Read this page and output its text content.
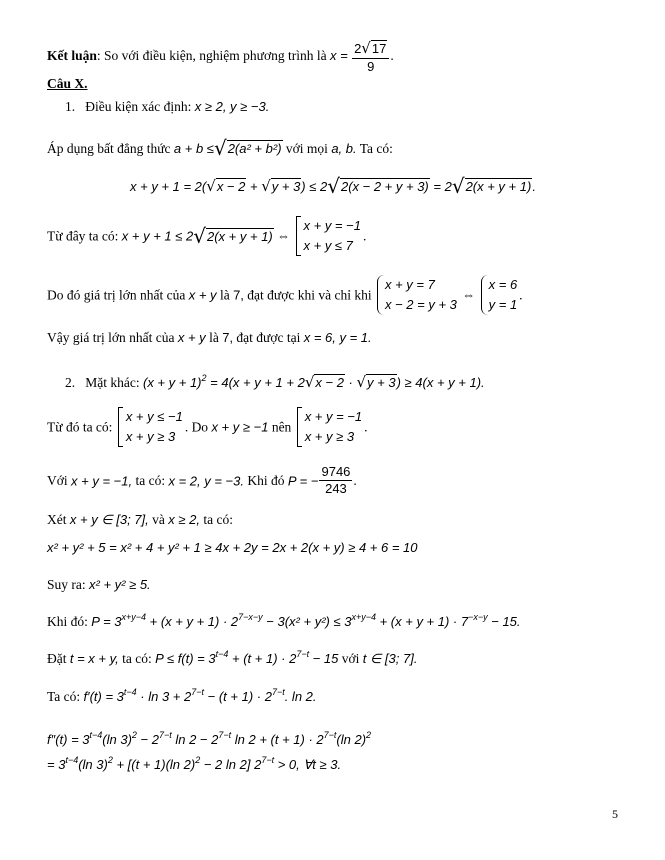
Kết luận: So với điều kiện, nghiệm phương trình là $x = \frac{2√17}{9}$ .
Câu X.
1. Điều kiện xác định: x ≥ 2, y ≥ −3.
Áp dụng bất đẳng thức a + b ≤√2(a² + b²) với mọi a, b. Ta có:
x + y + 1 = 2(√x − 2 + √y + 3) ≤ 2√2(x − 2 + y + 3) = 2√2(x + y + 1).
Từ đây ta có: x + y + 1 ≤ 2√2(x + y + 1) ⇔
x + y = −1
x + y ≤ 7
.
Do đó giá trị lớn nhất của x + y là 7, đạt được khi và chỉ khi
x + y = 7
x − 2 = y + 3
⇔
x = 6
y = 1
.
Vậy giá trị lớn nhất của x + y là 7, đạt được tại x = 6, y = 1.
2. Mặt khác: $(x + y + 1)^2 = 4(x + y + 1 + 2√x - 2 \cdot √y + 3) \ge 4(x + y + 1)$.
Từ đó ta có:
x + y ≤ −1
x + y ≥ 3
. Do x + y ≥ −1 nên
x + y = −1
x + y ≥ 3
.
Với x + y = −1, ta có: x = 2, y = −3. Khi đó P = − $\frac{9746}{243}$ .
Xét x + y ∈ [3; 7], và x ≥ 2, ta có:
x² + y² + 5 = x² + 4 + y² + 1 ≥ 4x + 2y = 2x + 2(x + y) ≥ 4 + 6 = 10
Suy ra: x² + y² ≥ 5.
Khi đó: $P = 3^{x+y-4} + (x + y + 1) \cdot 2^{7-x-y} - 3(x^2 + y^2) \le 3^{x+y-4} + (x + y + 1) \cdot 7^{-x-y} - 15$.
Đặt t = x + y, ta có: $P \le f(t) = 3^{t-4} + (t + 1) \cdot 2^{7-t} - 15$ với t ∈ [3; 7].
Ta có: $f'(t) = 3^{t-4} \cdot \ln 3 + 2^{7-t} - (t + 1) \cdot 2^{7-t}$. ln 2.
$f''(t) = 3^{t-4}(\ln$ $3)^2 - 2^{7-t}$ $\ln 2 - 2^{7-t}$ $\ln 2 + (t + 1) \cdot 2^{7-t}(\ln$ 2)$^2$
= $3^{t-4}(\ln$ 3)$^2$ + [(t + 1)(ln 2)$^2$ − 2 ln 2] $2^{7-t} > 0$, ∀t ≥ 3.
5
